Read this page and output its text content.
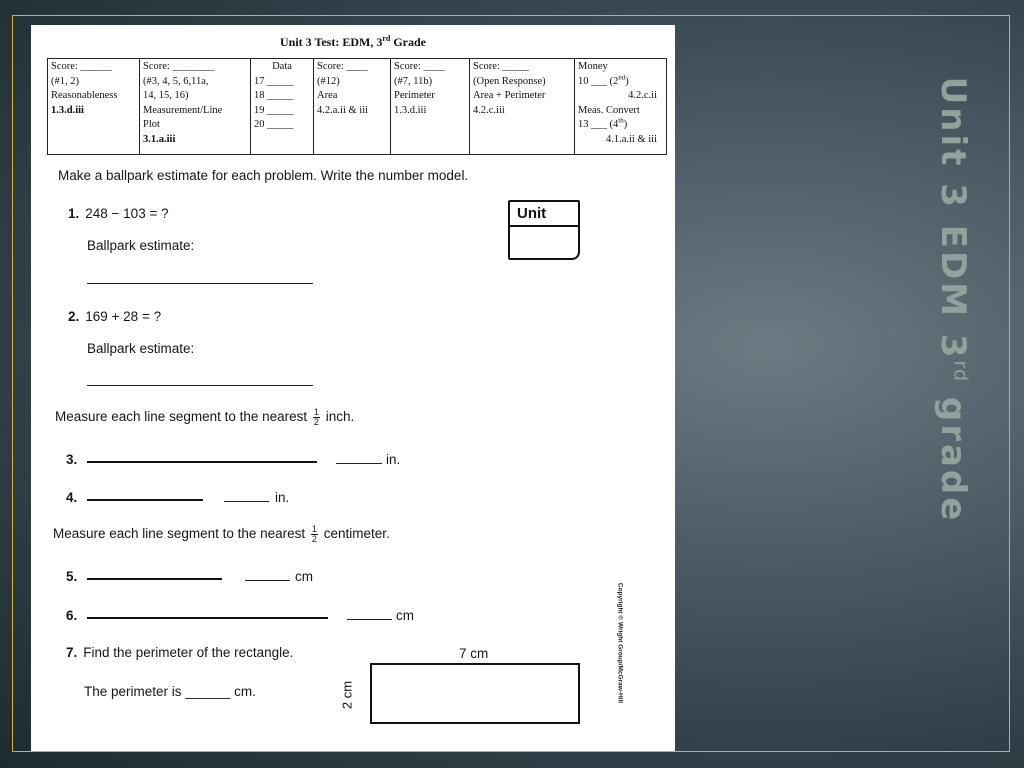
Unit 3 EDM 3rd grade
Unit 3 Test: EDM, 3rd Grade
Score: ______
(#1, 2)
Reasonableness
1.3.d.iii

Score: ________
(#3, 4, 5, 6,11a,
14, 15, 16)
Measurement/Line
Plot
3.1.a.iii

Data
17 _____
18 _____
19 _____
20 _____

Score: ____
(#12)
Area
4.2.a.ii & iii

Score: ____
(#7, 11b)
Perimeter
1.3.d.iii

Score: _____
(Open Response)
Area + Perimeter
4.2.c.iii

Money
10 ___ (2nd)
4.2.c.ii
Meas. Convert
13 ___ (4th)
4.1.a.ii & iii
Make a ballpark estimate for each problem. Write the number model.
Unit
1. 248 − 103 = ?
Ballpark estimate:
2. 169 + 28 = ?
Ballpark estimate:
Measure each line segment to the nearest $\frac{1}{2}$ inch.
3.	in.
4.	in.
Measure each line segment to the nearest $\frac{1}{2}$ centimeter.
5.	cm
6.	cm
7. Find the perimeter of the rectangle.
The perimeter is ______ cm.
7 cm
2 cm	Copyright © Wright Group/McGraw-Hill
